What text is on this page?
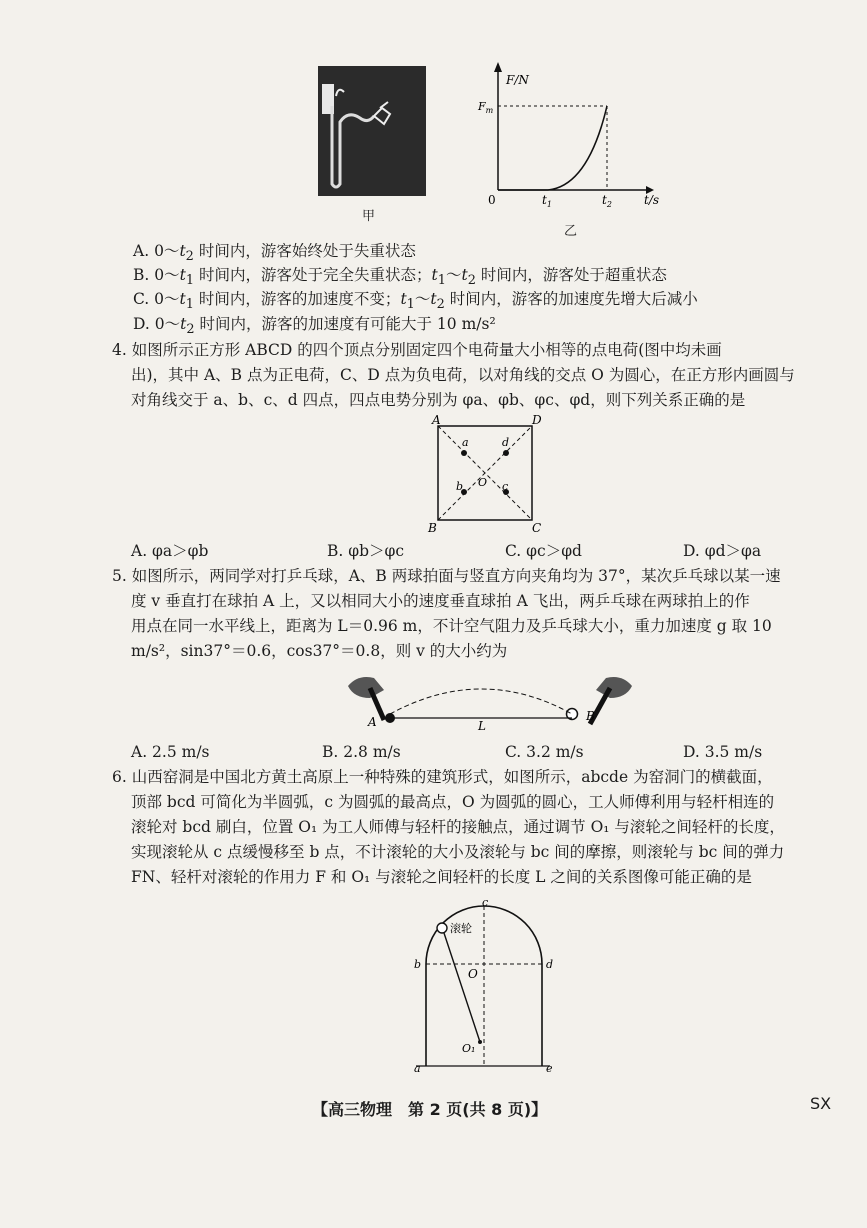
甲
F/N
$F_m$
0	$t_1$	$t_2$	t/s
乙
A. $0\sim t_2$ 时间内，游客始终处于失重状态
B. $0\sim t_1$ 时间内，游客处于完全失重状态；$t_1\sim t_2$ 时间内，游客处于超重状态
C. $0\sim t_1$ 时间内，游客的加速度不变；$t_1\sim t_2$ 时间内，游客的加速度先增大后减小
D. $0\sim t_2$ 时间内，游客的加速度有可能大于 10 m/s²
4. 如图所示正方形 ABCD 的四个顶点分别固定四个电荷量大小相等的点电荷(图中均未画
出)，其中 A、B 点为正电荷，C、D 点为负电荷，以对角线的交点 O 为圆心，在正方形内画圆与
对角线交于 a、b、c、d 四点，四点电势分别为 φa、φb、φc、φd，则下列关系正确的是
A	D
B	C
a	d
b	c
O
A. φa＞φb	B. φb＞φc	C. φc＞φd	D. φd＞φa
5. 如图所示，两同学对打乒乓球，A、B 两球拍面与竖直方向夹角均为 37°，某次乒乓球以某一速
度 v 垂直打在球拍 A 上，又以相同大小的速度垂直球拍 A 飞出，两乒乓球在两球拍上的作
用点在同一水平线上，距离为 L＝0.96 m，不计空气阻力及乒乓球大小，重力加速度 g 取 10
m/s²，sin37°＝0.6，cos37°＝0.8，则 v 的大小约为
A	B
L
A. 2.5 m/s	B. 2.8 m/s	C. 3.2 m/s	D. 3.5 m/s
6. 山西窑洞是中国北方黄土高原上一种特殊的建筑形式，如图所示，abcde 为窑洞门的横截面，
顶部 bcd 可简化为半圆弧，c 为圆弧的最高点，O 为圆弧的圆心，工人师傅利用与轻杆相连的
滚轮对 bcd 刷白，位置 O₁ 为工人师傅与轻杆的接触点，通过调节 O₁ 与滚轮之间轻杆的长度，
实现滚轮从 c 点缓慢移至 b 点，不计滚轮的大小及滚轮与 bc 间的摩擦，则滚轮与 bc 间的弹力
FN、轻杆对滚轮的作用力 F 和 O₁ 与滚轮之间轻杆的长度 L 之间的关系图像可能正确的是
c
b	d
a	e
O
O₁
滚轮
【高三物理　第 2 页(共 8 页)】	SX
